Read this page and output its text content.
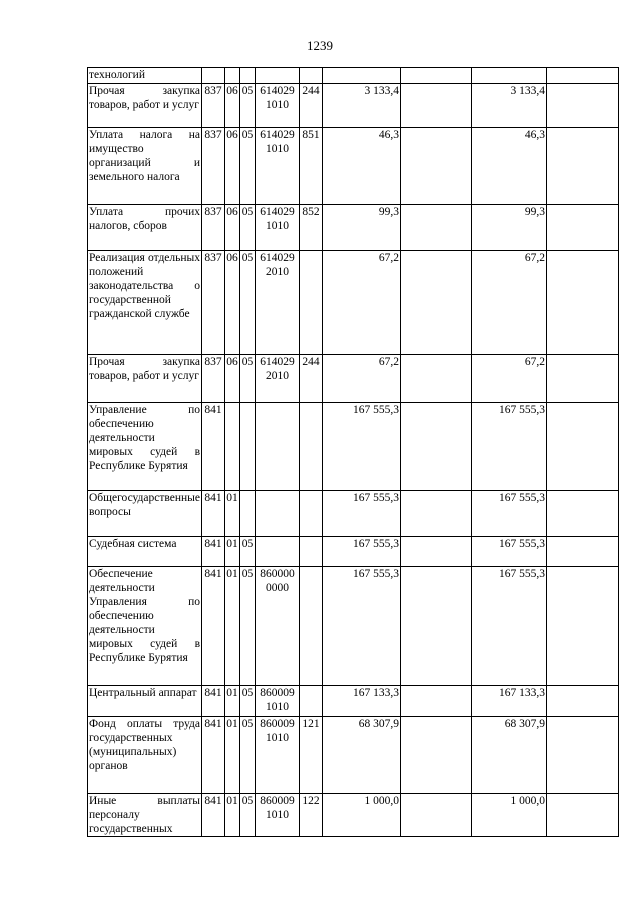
1239
технологий									
Прочая закупка товаров, работ и услуг	837	06	05	614029 1010	244	3 133,4		3 133,4	
Уплата налога на имущество организаций и земельного налога	837	06	05	614029 1010	851	46,3		46,3	
Уплата прочих налогов, сборов	837	06	05	614029 1010	852	99,3		99,3	
Реализация отдельных положений законодательства о государственной гражданской службе	837	06	05	614029 2010		67,2		67,2	
Прочая закупка товаров, работ и услуг	837	06	05	614029 2010	244	67,2		67,2	
Управление по обеспечению деятельности мировых судей в Республике Бурятия	841					167 555,3		167 555,3	
Общегосударственные вопросы	841	01				167 555,3		167 555,3	
Судебная система	841	01	05			167 555,3		167 555,3	
Обеспечение деятельности Управления по обеспечению деятельности мировых судей в Республике Бурятия	841	01	05	860000 0000		167 555,3		167 555,3	
Центральный аппарат	841	01	05	860009 1010		167 133,3		167 133,3	
Фонд оплаты труда государственных (муниципальных) органов	841	01	05	860009 1010	121	68 307,9		68 307,9	
Иные выплаты персоналу государственных	841	01	05	860009 1010	122	1 000,0		1 000,0	
